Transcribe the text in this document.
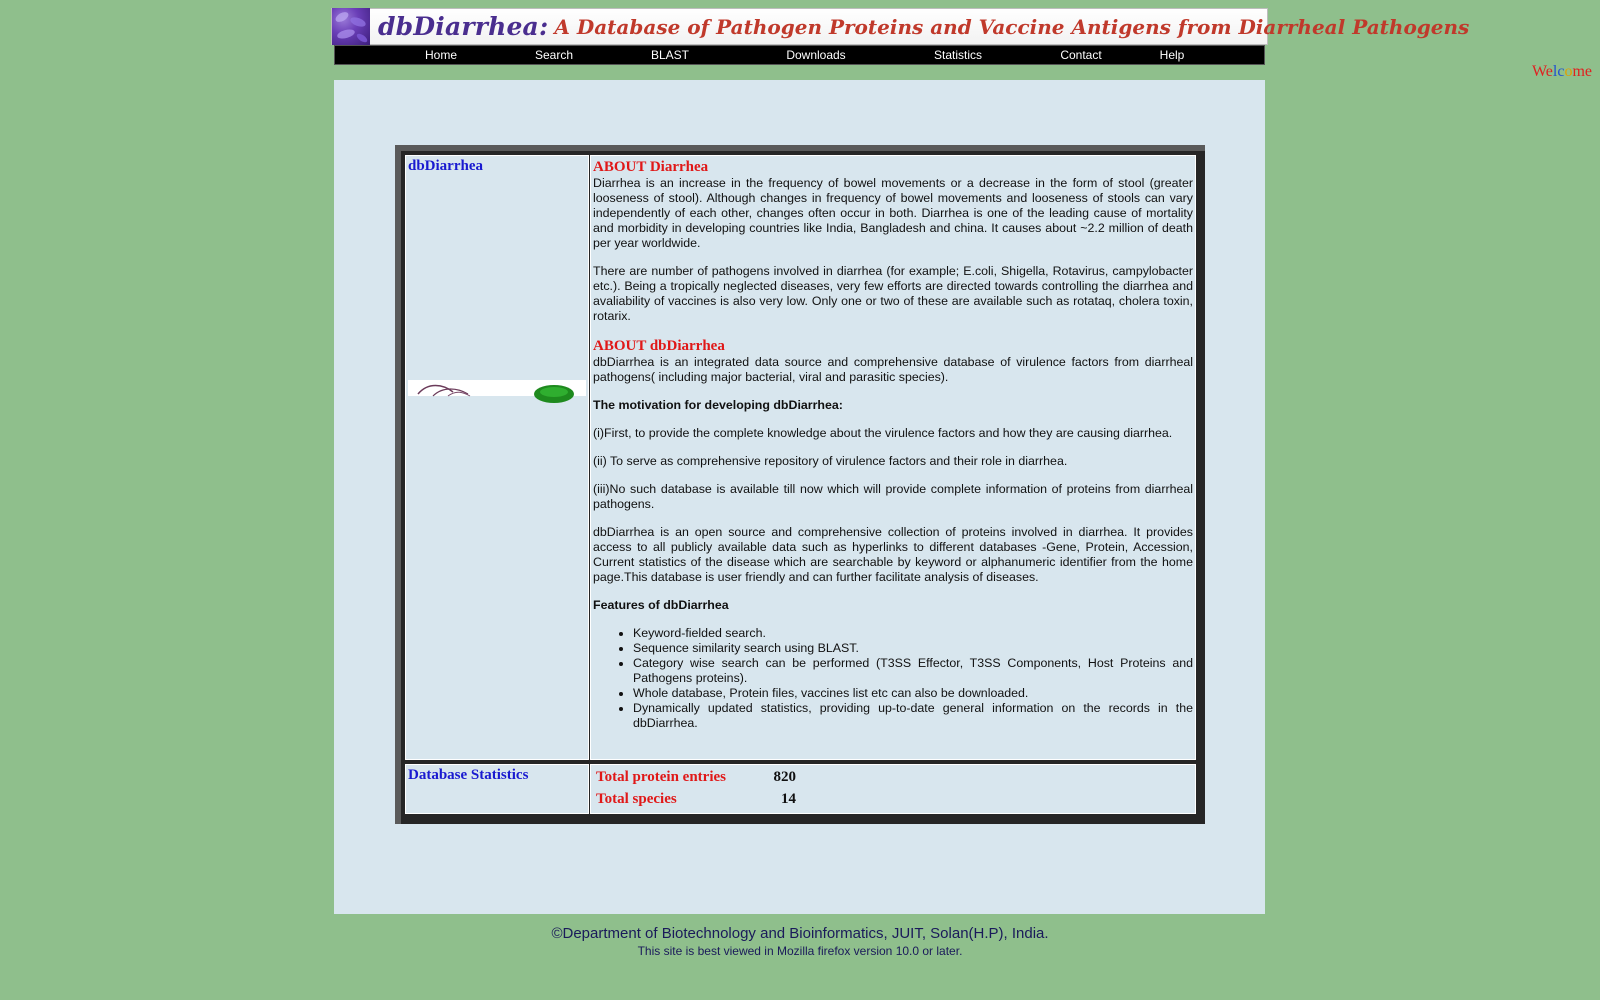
dbDiarrhea: A Database of Pathogen Proteins and Vaccine Antigens from Diarrheal Pathogens
Home	Search	BLAST	Downloads	Statistics	Contact	Help
Welcome
dbDiarrhea	ABOUT Diarrhea

Diarrhea is an increase in the frequency of bowel movements or a decrease in the form of stool (greater looseness of stool). Although changes in frequency of bowel movements and looseness of stools can vary independently of each other, changes often occur in both. Diarrhea is one of the leading cause of mortality and morbidity in developing countries like India, Bangladesh and china. It causes about ~2.2 million of death per year worldwide.

There are number of pathogens involved in diarrhea (for example; E.coli, Shigella, Rotavirus, campylobacter etc.). Being a tropically neglected diseases, very few efforts are directed towards controlling the diarrhea and avaliability of vaccines is also very low. Only one or two of these are available such as rotataq, cholera toxin, rotarix.

ABOUT dbDiarrhea

dbDiarrhea is an integrated data source and comprehensive database of virulence factors from diarrheal pathogens( including major bacterial, viral and parasitic species).

The motivation for developing dbDiarrhea:

(i)First, to provide the complete knowledge about the virulence factors and how they are causing diarrhea.

(ii) To serve as comprehensive repository of virulence factors and their role in diarrhea.

(iii)No such database is available till now which will provide complete information of proteins from diarrheal pathogens.

dbDiarrhea is an open source and comprehensive collection of proteins involved in diarrhea. It provides access to all publicly available data such as hyperlinks to different databases -Gene, Protein, Accession, Current statistics of the disease which are searchable by keyword or alphanumeric identifier from the home page.This database is user friendly and can further facilitate analysis of diseases.

Features of dbDiarrhea

• Keyword-fielded search.
• Sequence similarity search using BLAST.
• Category wise search can be performed (T3SS Effector, T3SS Components, Host Proteins and Pathogens proteins).
• Whole database, Protein files, vaccines list etc can also be downloaded.
• Dynamically updated statistics, providing up-to-date general information on the records in the dbDiarrhea.
Database Statistics	Total protein entries	820
Total species	14
©Department of Biotechnology and Bioinformatics, JUIT, Solan(H.P), India.
This site is best viewed in Mozilla firefox version 10.0 or later.
